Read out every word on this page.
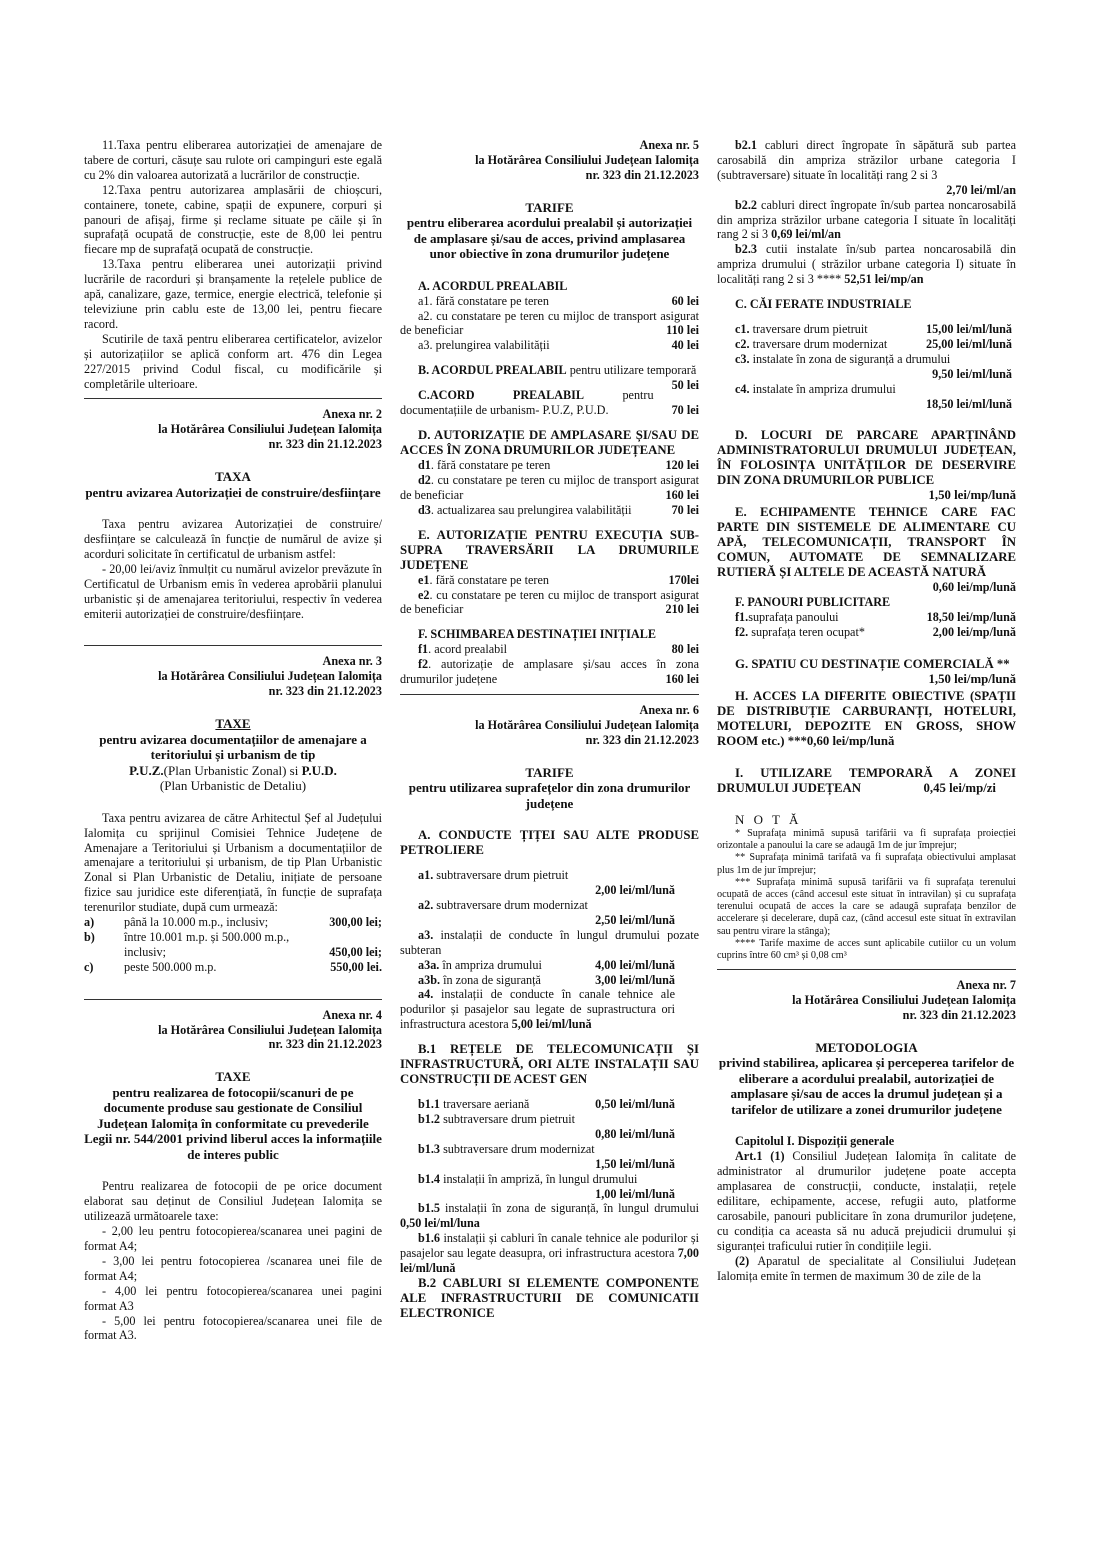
11.Taxa pentru eliberarea autorizației de amenajare de tabere de corturi, căsuțe sau rulote ori campinguri este egală cu 2% din valoarea autorizată a lucrărilor de construcție.

12.Taxa pentru autorizarea amplasării de chioșcuri, containere, tonete, cabine, spații de expunere, corpuri și panouri de afișaj, firme și reclame situate pe căile și în suprafață ocupată de construcție, este de 8,00 lei pentru fiecare mp de suprafață ocupată de construcție.

13.Taxa pentru eliberarea unei autorizații privind lucrările de racorduri și branșamente la rețelele publice de apă, canalizare, gaze, termice, energie electrică, telefonie și televiziune prin cablu este de 13,00 lei, pentru fiecare racord.

Scutirile de taxă pentru eliberarea certificatelor, avizelor și autorizațiilor se aplică conform art. 476 din Legea 227/2015 privind Codul fiscal, cu modificările și completările ulterioare.

Anexa nr. 2

la Hotărârea Consiliului Județean Ialomița

nr. 323 din 21.12.2023

TAXA

pentru avizarea Autorizației de construire/desființare

Taxa pentru avizarea Autorizației de construire/ desființare se calculează în funcție de numărul de avize și acorduri solicitate în certificatul de urbanism astfel:

- 20,00 lei/aviz înmulțit cu numărul avizelor prevăzute în Certificatul de Urbanism emis în vederea aprobării planului urbanistic și de amenajarea teritoriului, respectiv în vederea emiterii autorizației de construire/desființare.

Anexa nr. 3

la Hotărârea Consiliului Județean Ialomița

nr. 323 din 21.12.2023

TAXE

pentru avizarea documentațiilor de amenajare a teritoriului și urbanism de tip
P.U.Z.(Plan Urbanistic Zonal) si P.U.D.

(Plan Urbanistic de Detaliu)

Taxa pentru avizarea de către Arhitectul Șef al Județului Ialomița cu sprijinul Comisiei Tehnice Județene de Amenajare a Teritoriului și Urbanism a documentațiilor de amenajare a teritoriului și urbanism, de tip Plan Urbanistic Zonal si Plan Urbanistic de Detaliu, inițiate de persoane fizice sau juridice este diferențiată, în funcție de suprafața terenurilor studiate, după cum urmează:

a)	până la 10.000 m.p., inclusiv;	300,00 lei;
b)	între 10.001 m.p. și 500.000 m.p.,
inclusiv;	450,00 lei;
c)	peste 500.000 m.p.	550,00 lei.

Anexa nr. 4

la Hotărârea Consiliului Județean Ialomița

nr. 323 din 21.12.2023

TAXE

pentru realizarea de fotocopii/scanuri de pe documente produse sau gestionate de Consiliul Județean Ialomița în conformitate cu prevederile Legii nr. 544/2001 privind liberul acces la informațiile de interes public

Pentru realizarea de fotocopii de pe orice document elaborat sau deținut de Consiliul Județean Ialomița se utilizează următoarele taxe:

- 2,00 leu pentru fotocopierea/scanarea unei pagini de format A4;

- 3,00 lei pentru fotocopierea /scanarea unei file de format A4;

- 4,00 lei pentru fotocopierea/scanarea unei pagini format A3

- 5,00 lei pentru fotocopierea/scanarea unei file de format A3.

Anexa nr. 5

la Hotărârea Consiliului Județean Ialomița

nr. 323 din 21.12.2023

TARIFE

pentru eliberarea acordului prealabil și autorizației de amplasare și/sau de acces, privind amplasarea unor obiective în zona drumurilor județene

A. ACORDUL PREALABIL

a1. fără constatare pe teren	60 lei

a2. cu constatare pe teren cu mijloc de transport asigurat de beneficiar	110 lei

a3. prelungirea valabilității	40 lei

B. ACORDUL PREALABIL pentru utilizare temporară
50 lei

C.ACORD PREALABIL pentru documentațiile de urbanism- P.U.Z, P.U.D.	70 lei

D. AUTORIZAȚIE DE AMPLASARE ȘI/SAU DE ACCES ÎN ZONA DRUMURILOR JUDEȚEANE

d1. fără constatare pe teren	120 lei

d2. cu constatare pe teren cu mijloc de transport asigurat de beneficiar	160 lei

d3. actualizarea sau prelungirea valabilității	70 lei

E. AUTORIZAȚIE PENTRU EXECUȚIA SUB-SUPRA TRAVERSĂRII LA DRUMURILE JUDEȚENE

e1. fără constatare pe teren	170lei

e2. cu constatare pe teren cu mijloc de transport asigurat de beneficiar	210 lei

F. SCHIMBAREA DESTINAȚIEI INIȚIALE

f1. acord prealabil	80 lei

f2. autorizație de amplasare și/sau acces în zona drumurilor județene	160 lei

Anexa nr. 6

la Hotărârea Consiliului Județean Ialomița

nr. 323 din 21.12.2023

TARIFE

pentru utilizarea suprafețelor din zona drumurilor județene

A. CONDUCTE ȚIȚEI SAU ALTE PRODUSE PETROLIERE

a1. subtraversare drum pietruit

2,00 lei/ml/lună

a2. subtraversare drum modernizat

2,50 lei/ml/lună

a3. instalații de conducte în lungul drumului pozate subteran

a3a. în ampriza drumului	4,00 lei/ml/lună
a3b. în zona de siguranță	3,00 lei/ml/lună

a4. instalații de conducte în canale tehnice ale podurilor și pasajelor sau legate de suprastructura ori infrastructura acestora 5,00 lei/ml/lună

B.1 REȚELE DE TELECOMUNICAȚII ȘI INFRASTRUCTURĂ, ORI ALTE INSTALAȚII SAU CONSTRUCȚII DE ACEST GEN

b1.1 traversare aeriană	0,50 lei/ml/lună

b1.2 subtraversare drum pietruit

0,80 lei/ml/lună

b1.3 subtraversare drum modernizat

1,50 lei/ml/lună

b1.4 instalații în ampriză, în lungul drumului

1,00 lei/ml/lună

b1.5 instalații în zona de siguranță, în lungul drumului 0,50 lei/ml/luna

b1.6 instalații și cabluri în canale tehnice ale podurilor și pasajelor sau legate deasupra, ori infrastructura acestora 7,00 lei/ml/lună

B.2 CABLURI SI ELEMENTE COMPONENTE ALE INFRASTRUCTURII DE COMUNICATII ELECTRONICE

b2.1 cabluri direct îngropate în săpătură sub partea carosabilă din ampriza străzilor urbane categoria I (subtraversare) situate în localități rang 2 si 3

2,70 lei/ml/an

b2.2 cabluri direct îngropate în/sub partea noncarosabilă din ampriza străzilor urbane categoria I situate în localități rang 2 si 3 0,69 lei/ml/an

b2.3 cutii instalate în/sub partea noncarosabilă din ampriza drumului ( străzilor urbane categoria I) situate în localități rang 2 si 3 **** 52,51 lei/mp/an

C. CĂI FERATE INDUSTRIALE

c1. traversare drum pietruit	15,00 lei/ml/lună
c2. traversare drum modernizat	25,00 lei/ml/lună

c3. instalate în zona de siguranță a drumului

9,50 lei/ml/lună

c4. instalate în ampriza drumului

18,50 lei/ml/lună

D. LOCURI DE PARCARE APARȚINÂND ADMINISTRATORULUI DRUMULUI JUDEȚEAN, ÎN FOLOSINȚA UNITĂȚILOR DE DESERVIRE DIN ZONA DRUMURILOR PUBLICE
1,50 lei/mp/lună

E. ECHIPAMENTE TEHNICE CARE FAC PARTE DIN SISTEMELE DE ALIMENTARE CU APĂ, TELECOMUNICAȚII, TRANSPORT ÎN COMUN, AUTOMATE DE SEMNALIZARE RUTIERĂ ȘI ALTELE DE ACEASTĂ NATURĂ

0,60 lei/mp/lună

F. PANOURI PUBLICITARE

f1.suprafața panoului	18,50 lei/mp/lună
f2. suprafața teren ocupat*	2,00 lei/mp/lună

G. SPATIU CU DESTINAȚIE COMERCIALĂ **
1,50 lei/mp/lună

H. ACCES LA DIFERITE OBIECTIVE (SPAȚII DE DISTRIBUȚIE CARBURANȚI, HOTELURI, MOTELURI, DEPOZITE EN GROSS, SHOW ROOM etc.) ***0,60 lei/mp/lună

I. UTILIZARE TEMPORARĂ A ZONEI DRUMULUI JUDEȚEAN	0,45 lei/mp/zi

N O T Ă

* Suprafața minimă supusă tarifării va fi suprafața proiecției orizontale a panoului la care se adaugă 1m de jur împrejur;

** Suprafața minimă tarifată va fi suprafața obiectivului amplasat plus 1m de jur împrejur;

*** Suprafața minimă supusă tarifării va fi suprafața terenului ocupată de acces (când accesul este situat în intravilan) și cu suprafața terenului ocupată de acces la care se adaugă suprafața benzilor de accelerare și decelerare, după caz, (când accesul este situat în extravilan sau pentru virare la stânga);

**** Tarife maxime de acces sunt aplicabile cutiilor cu un volum cuprins între 60 cm³ și 0,08 cm³

Anexa nr. 7

la Hotărârea Consiliului Județean Ialomița

nr. 323 din 21.12.2023

METODOLOGIA

privind stabilirea, aplicarea și perceperea tarifelor de eliberare a acordului prealabil, autorizației de amplasare și/sau de acces la drumul județean și a tarifelor de utilizare a zonei drumurilor județene

Capitolul I. Dispoziții generale

Art.1 (1) Consiliul Județean Ialomița în calitate de administrator al drumurilor județene poate accepta amplasarea de construcții, conducte, instalații, rețele edilitare, echipamente, accese, refugii auto, platforme carosabile, panouri publicitare în zona drumurilor județene, cu condiția ca aceasta să nu aducă prejudicii drumului și siguranței traficului rutier în condițiile legii.

(2) Aparatul de specialitate al Consiliului Județean Ialomița emite în termen de maximum 30 de zile de la
